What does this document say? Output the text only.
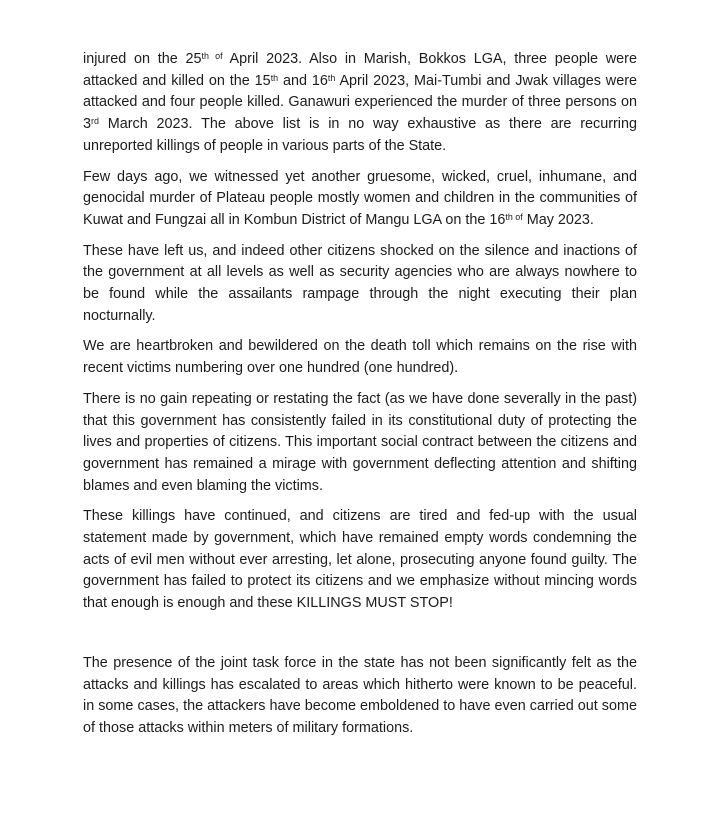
injured on the $25^{th of}$ April 2023. Also in Marish, Bokkos LGA, three people were attacked and killed on the 15th and 16th April 2023, Mai-Tumbi and Jwak villages were attacked and four people killed. Ganawuri experienced the murder of three persons on 3rd March 2023. The above list is in no way exhaustive as there are recurring unreported killings of people in various parts of the State.

Few days ago, we witnessed yet another gruesome, wicked, cruel, inhumane, and genocidal murder of Plateau people mostly women and children in the communities of Kuwat and Fungzai all in Kombun District of Mangu LGA on the $16^{th of}$ May 2023.

These have left us, and indeed other citizens shocked on the silence and inactions of the government at all levels as well as security agencies who are always nowhere to be found while the assailants rampage through the night executing their plan nocturnally.

We are heartbroken and bewildered on the death toll which remains on the rise with recent victims numbering over one hundred (one hundred).

There is no gain repeating or restating the fact (as we have done severally in the past) that this government has consistently failed in its constitutional duty of protecting the lives and properties of citizens. This important social contract between the citizens and government has remained a mirage with government deflecting attention and shifting blames and even blaming the victims.

These killings have continued, and citizens are tired and fed-up with the usual statement made by government, which have remained empty words condemning the acts of evil men without ever arresting, let alone, prosecuting anyone found guilty. The government has failed to protect its citizens and we emphasize without mincing words that enough is enough and these KILLINGS MUST STOP!

The presence of the joint task force in the state has not been significantly felt as the attacks and killings has escalated to areas which hitherto were known to be peaceful. in some cases, the attackers have become emboldened to have even carried out some of those attacks within meters of military formations.
